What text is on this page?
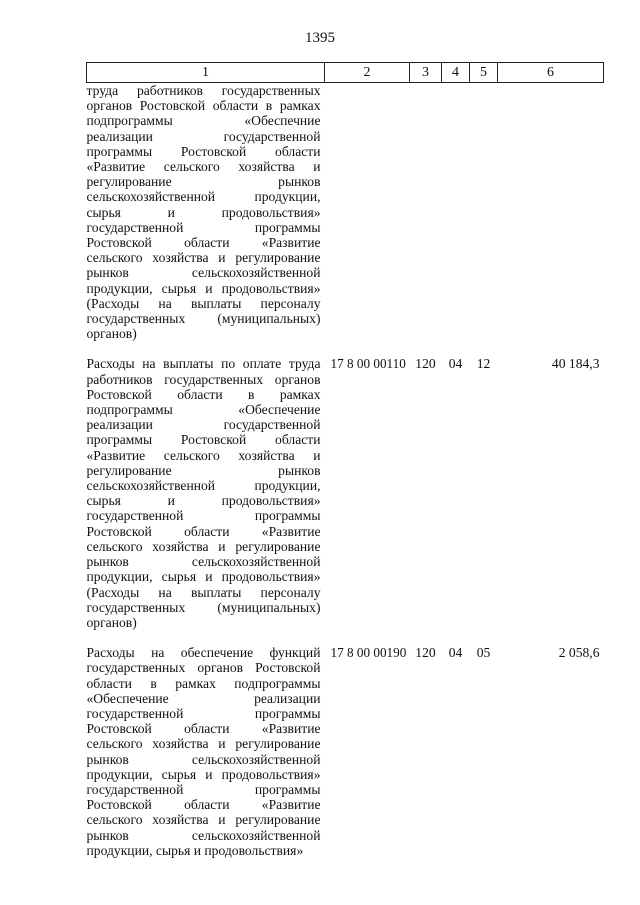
1395
1	2	3	4	5	6
труда работников государственных органов Ростовской области в рамках подпрограммы «Обеспечние реализации государственной программы Ростовской области «Развитие сельского хозяйства и регулирование рынков сельскохозяйственной продукции, сырья и продовольствия» государственной программы Ростовской области «Развитие сельского хозяйства и регулирование рынков сельскохозяйственной продукции, сырья и продовольствия» (Расходы на выплаты персоналу государственных (муниципальных) органов)					
Расходы на выплаты по оплате труда работников государственных органов Ростовской области в рамках подпрограммы «Обеспечение реализации государственной программы Ростовской области «Развитие сельского хозяйства и регулирование рынков сельскохозяйственной продукции, сырья и продовольствия» государственной программы Ростовской области «Развитие сельского хозяйства и регулирование рынков сельскохозяйственной продукции, сырья и продовольствия» (Расходы на выплаты персоналу государственных (муниципальных) органов)	17 8 00 00110	120	04	12	40 184,3
Расходы на обеспечение функций государственных органов Ростовской области в рамках подпрограммы «Обеспечение реализации государственной программы Ростовской области «Развитие сельского хозяйства и регулирование рынков сельскохозяйственной продукции, сырья и продовольствия» государственной программы Ростовской области «Развитие сельского хозяйства и регулирование рынков сельскохозяйственной продукции, сырья и продовольствия»	17 8 00 00190	120	04	05	2 058,6
